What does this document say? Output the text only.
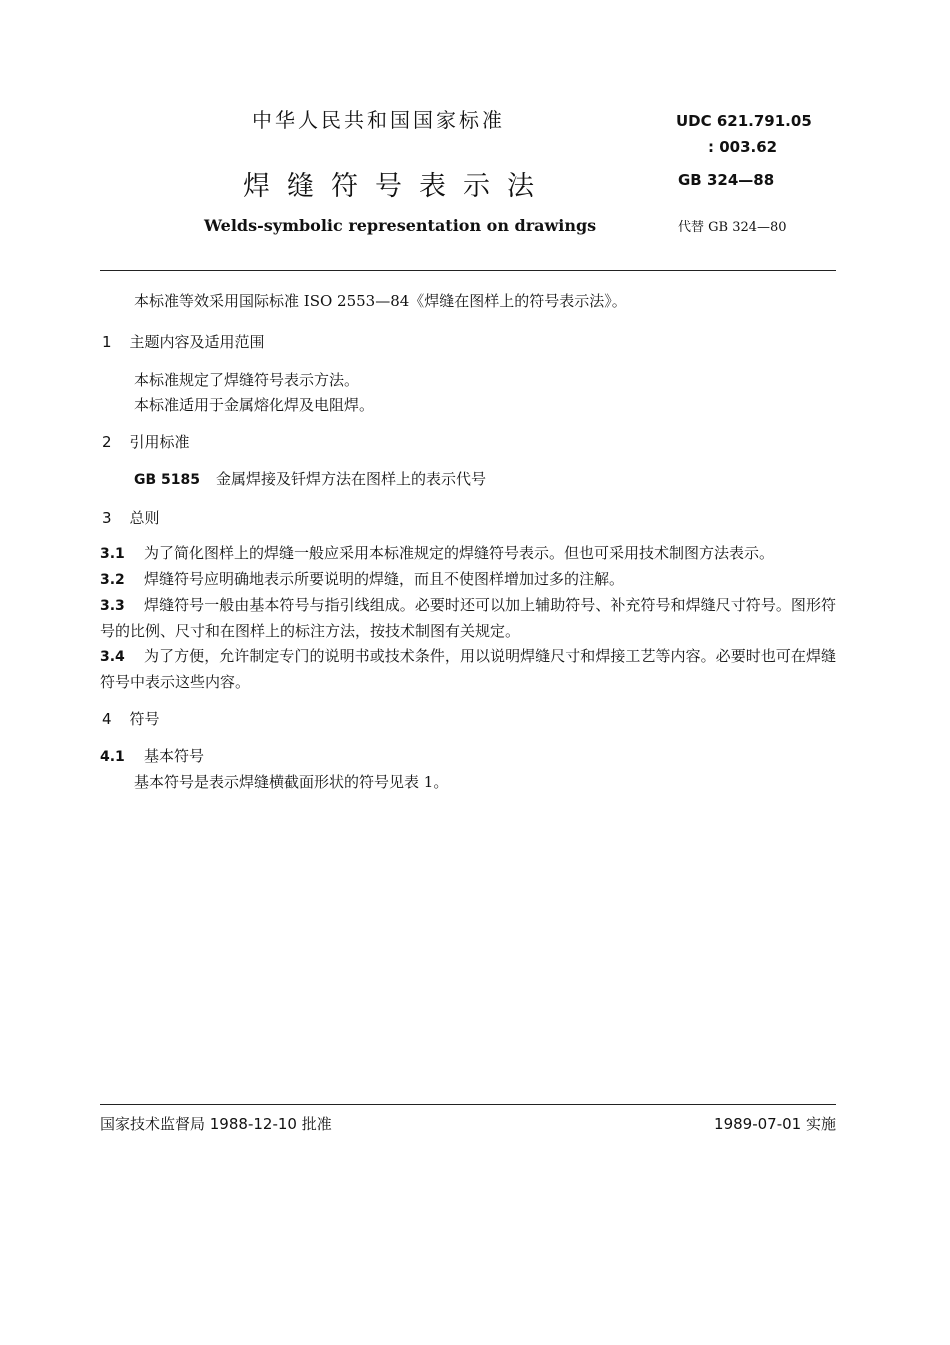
中华人民共和国国家标准
焊缝符号表示法
Welds-symbolic representation on drawings
UDC 621.791.05
: 003.62
GB 324—88
代替 GB 324—80
本标准等效采用国际标准 ISO 2553—84《焊缝在图样上的符号表示法》。
1 主题内容及适用范围
本标准规定了焊缝符号表示方法。
本标准适用于金属熔化焊及电阻焊。
2 引用标准
GB 5185 金属焊接及钎焊方法在图样上的表示代号
3 总则
3.1 为了简化图样上的焊缝一般应采用本标准规定的焊缝符号表示。但也可采用技术制图方法表示。
3.2 焊缝符号应明确地表示所要说明的焊缝，而且不使图样增加过多的注解。
3.3 焊缝符号一般由基本符号与指引线组成。必要时还可以加上辅助符号、补充符号和焊缝尺寸符号。图形符号的比例、尺寸和在图样上的标注方法，按技术制图有关规定。
3.4 为了方便，允许制定专门的说明书或技术条件，用以说明焊缝尺寸和焊接工艺等内容。必要时也可在焊缝符号中表示这些内容。
4 符号
4.1 基本符号
基本符号是表示焊缝横截面形状的符号见表 1。
国家技术监督局 1988-12-10 批准	1989-07-01 实施
